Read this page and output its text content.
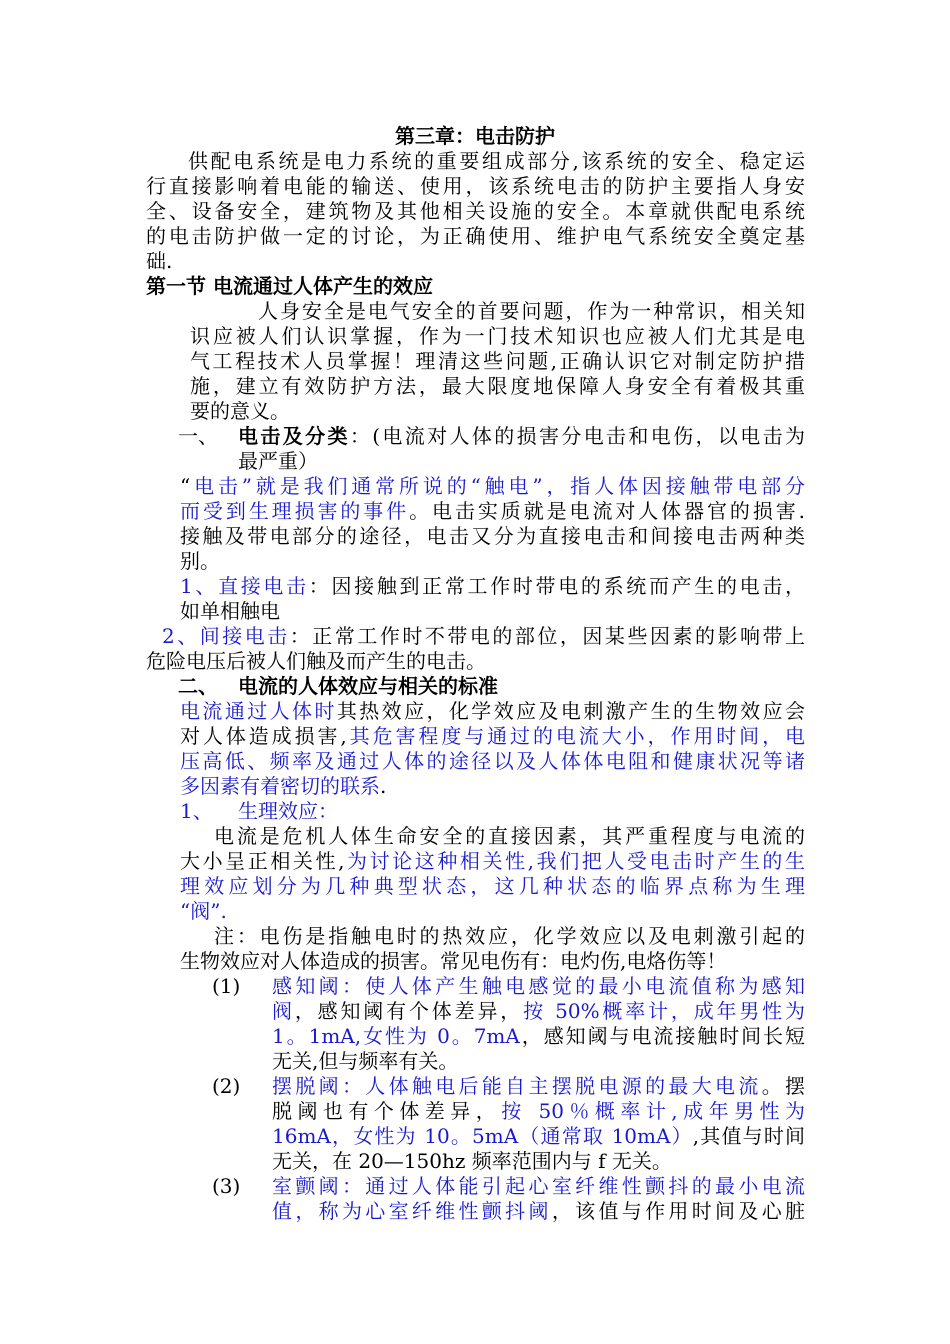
第三章：电击防护
供配电系统是电力系统的重要组成部分,该系统的安全、稳定运
行直接影响着电能的输送、使用，该系统电击的防护主要指人身安
全、设备安全，建筑物及其他相关设施的安全。本章就供配电系统
的电击防护做一定的讨论，为正确使用、维护电气系统安全奠定基
础.
第一节 电流通过人体产生的效应
人身安全是电气安全的首要问题，作为一种常识，相关知
识应被人们认识掌握，作为一门技术知识也应被人们尤其是电
气工程技术人员掌握！理清这些问题,正确认识它对制定防护措
施，建立有效防护方法，最大限度地保障人身安全有着极其重
要的意义。
一、 电击及分类：(电流对人体的损害分电击和电伤，以电击为
最严重）
“电击”就是我们通常所说的“触电”，指人体因接触带电部分
而受到生理损害的事件。电击实质就是电流对人体器官的损害.
接触及带电部分的途径，电击又分为直接电击和间接电击两种类
别。
1、直接电击：因接触到正常工作时带电的系统而产生的电击，
如单相触电
2、间接电击：正常工作时不带电的部位，因某些因素的影响带上
危险电压后被人们触及而产生的电击。
二、 电流的人体效应与相关的标准
电流通过人体时其热效应，化学效应及电刺激产生的生物效应会
对人体造成损害,其危害程度与通过的电流大小，作用时间，电
压高低、频率及通过人体的途径以及人体体电阻和健康状况等诸
多因素有着密切的联系.
1、 生理效应：
电流是危机人体生命安全的直接因素，其严重程度与电流的
大小呈正相关性,为讨论这种相关性,我们把人受电击时产生的生
理效应划分为几种典型状态，这几种状态的临界点称为生理
“阀”.
注：电伤是指触电时的热效应，化学效应以及电刺激引起的
生物效应对人体造成的损害。常见电伤有：电灼伤,电烙伤等！
(1) 感知阈：使人体产生触电感觉的最小电流值称为感知
阀，感知阈有个体差异，按 50%概率计，成年男性为
1。1mA,女性为 0。7mA，感知阈与电流接触时间长短
无关,但与频率有关。
(2) 摆脱阈：人体触电后能自主摆脱电源的最大电流。摆
脱阈也有个体差异，按 50％概率计,成年男性为
16mA，女性为 10。5mA（通常取 10mA）,其值与时间
无关，在 20—150hz 频率范围内与 f 无关。
(3) 室颤阈：通过人体能引起心室纤维性颤抖的最小电流
值，称为心室纤维性颤抖阈，该值与作用时间及心脏
